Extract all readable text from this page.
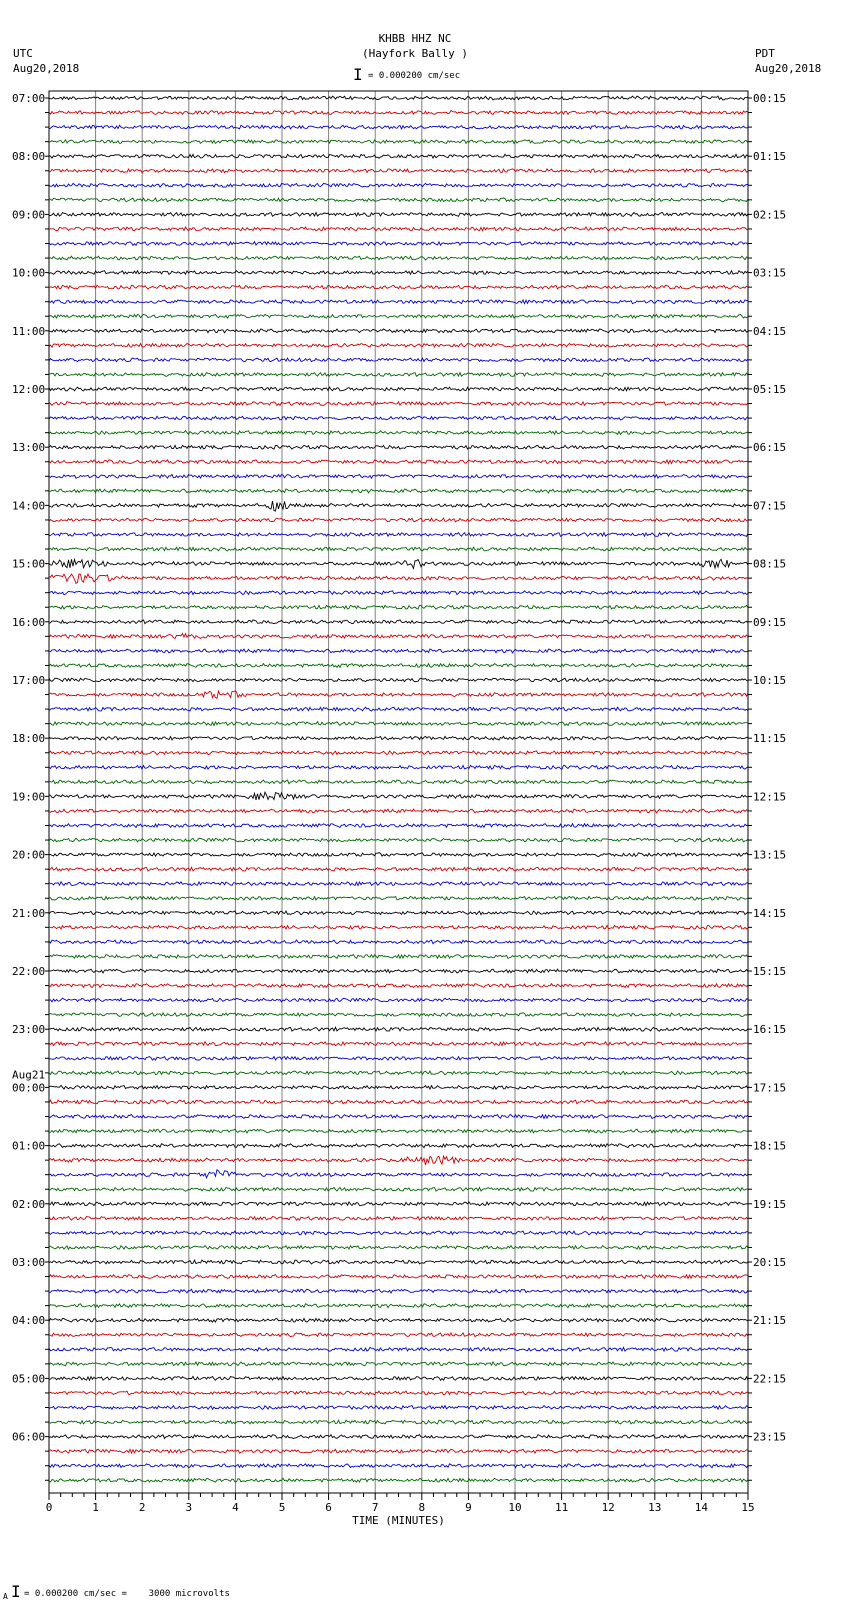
KHBB HHZ NC
(Hayfork Bally )
I = 0.000200 cm/sec
UTC
Aug20,2018
PDT
Aug20,2018
07:00
08:00
09:00
10:00
11:00
12:00
13:00
14:00
15:00
16:00
17:00
18:00
19:00
20:00
21:00
22:00
23:00
00:00
Aug21
01:00
02:00
03:00
04:00
05:00
06:00
00:15
01:15
02:15
03:15
04:15
05:15
06:15
07:15
08:15
09:15
10:15
11:15
12:15
13:15
14:15
15:15
16:15
17:15
18:15
19:15
20:15
21:15
22:15
23:15
0	1	2	3	4	5	6	7	8	9	10	11	12	13	14	15
TIME (MINUTES)
A I = 0.000200 cm/sec =    3000 microvolts
